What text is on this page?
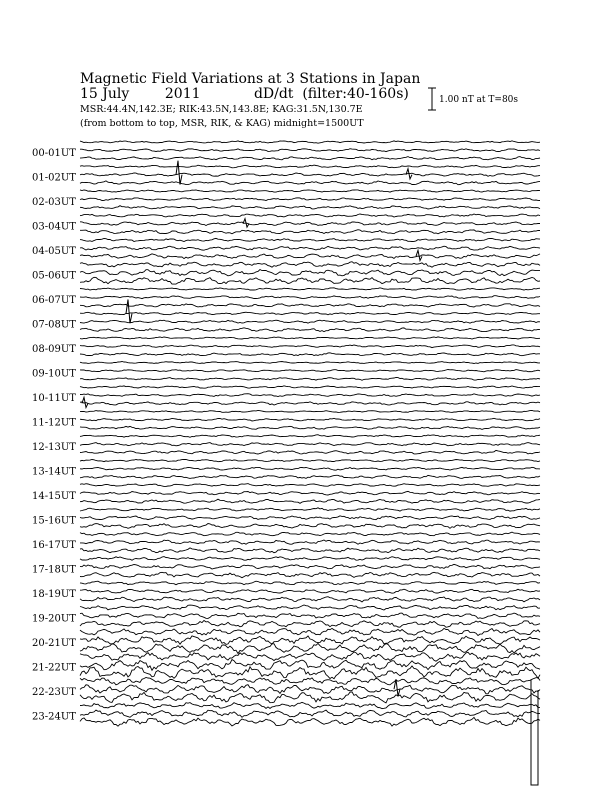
Magnetic Field Variations at 3 Stations in Japan
15 July	2011	dD/dt (filter:40-160s)
MSR:44.4N,142.3E; RIK:43.5N,143.8E; KAG:31.5N,130.7E
(from bottom to top, MSR, RIK, & KAG) midnight=1500UT
1.00 nT at T=80s
00-01UT
01-02UT
02-03UT
03-04UT
04-05UT
05-06UT
06-07UT
07-08UT
08-09UT
09-10UT
10-11UT
11-12UT
12-13UT
13-14UT
14-15UT
15-16UT
16-17UT
17-18UT
18-19UT
19-20UT
20-21UT
21-22UT
22-23UT
23-24UT
